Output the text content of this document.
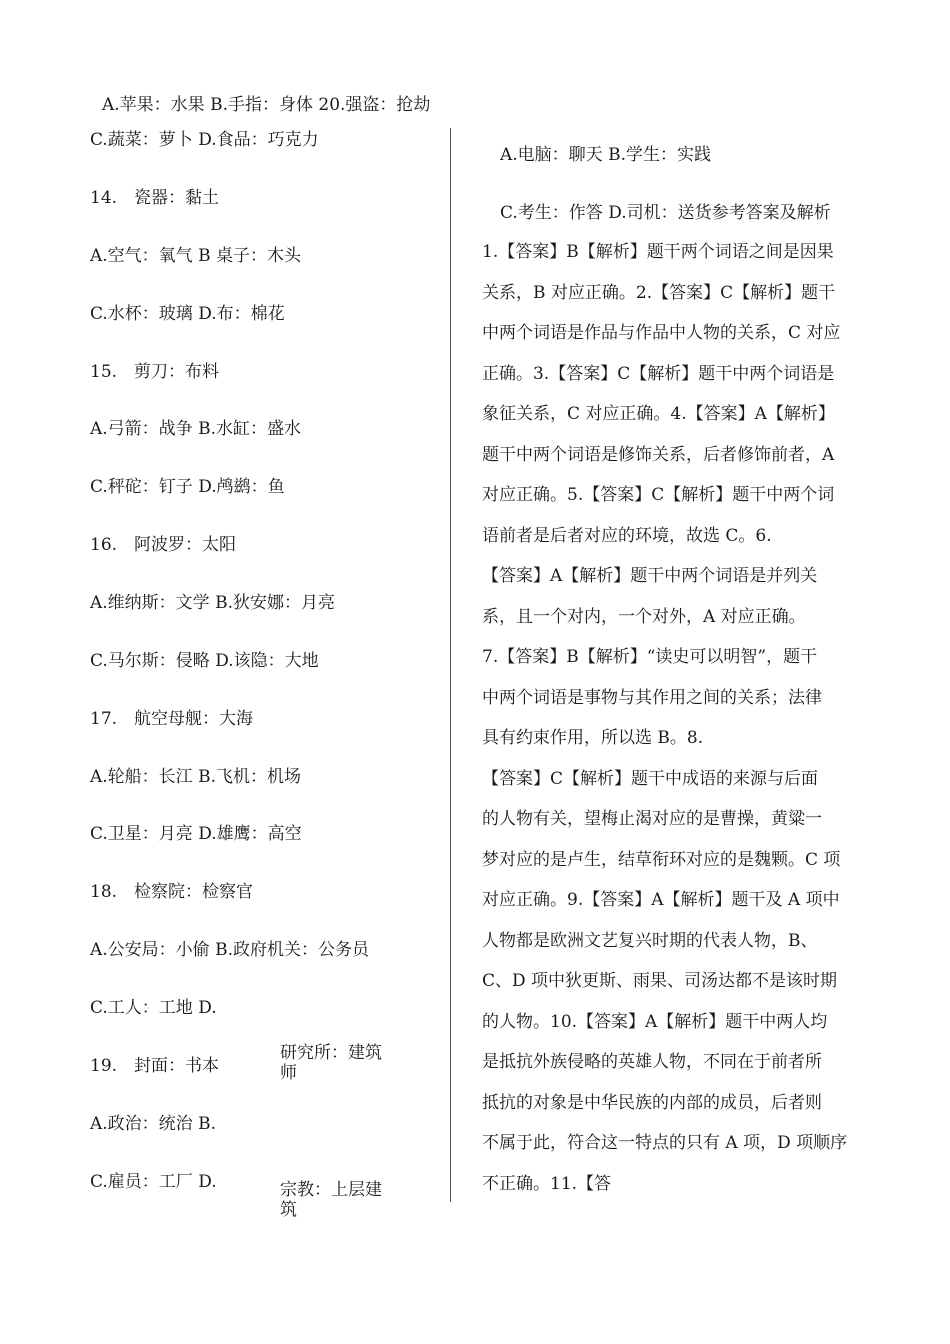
A.苹果：水果 B.手指：身体 20.强盗：抢劫
C.蔬菜：萝卜 D.食品：巧克力
14.　瓷器：黏土
A.空气：氧气 B 桌子：木头
C.水杯：玻璃 D.布：棉花
15.　剪刀：布料
A.弓箭：战争 B.水缸：盛水
C.秤砣：钉子 D.鸬鹚：鱼
16.　阿波罗：太阳
A.维纳斯：文学 B.狄安娜：月亮
C.马尔斯：侵略 D.该隐：大地
17.　航空母舰：大海
A.轮船：长江 B.飞机：机场
C.卫星：月亮 D.雄鹰：高空
18.　检察院：检察官
A.公安局：小偷 B.政府机关：公务员
C.工人：工地 D.
19.　封面：书本
A.政治：统治 B.
C.雇员：工厂 D.
研究所：建筑师
宗教：上层建筑
A.电脑：聊天 B.学生：实践
C.考生：作答 D.司机：送货参考答案及解析
1.【答案】B【解析】题干两个词语之间是因果
关系，B 对应正确。2.【答案】C【解析】题干
中两个词语是作品与作品中人物的关系，C 对应
正确。3.【答案】C【解析】题干中两个词语是
象征关系，C 对应正确。4.【答案】A【解析】
题干中两个词语是修饰关系，后者修饰前者，A
对应正确。5.【答案】C【解析】题干中两个词
语前者是后者对应的环境，故选 C。6.
【答案】A【解析】题干中两个词语是并列关
系，且一个对内，一个对外，A 对应正确。
7.【答案】B【解析】“读史可以明智”，题干
中两个词语是事物与其作用之间的关系；法律
具有约束作用，所以选 B。8.
【答案】C【解析】题干中成语的来源与后面
的人物有关，望梅止渴对应的是曹操，黄粱一
梦对应的是卢生，结草衔环对应的是魏颗。C 项
对应正确。9.【答案】A【解析】题干及 A 项中
人物都是欧洲文艺复兴时期的代表人物，B、
C、D 项中狄更斯、雨果、司汤达都不是该时期
的人物。10.【答案】A【解析】题干中两人均
是抵抗外族侵略的英雄人物，不同在于前者所
抵抗的对象是中华民族的内部的成员，后者则
不属于此，符合这一特点的只有 A 项，D 项顺序
不正确。11.【答
